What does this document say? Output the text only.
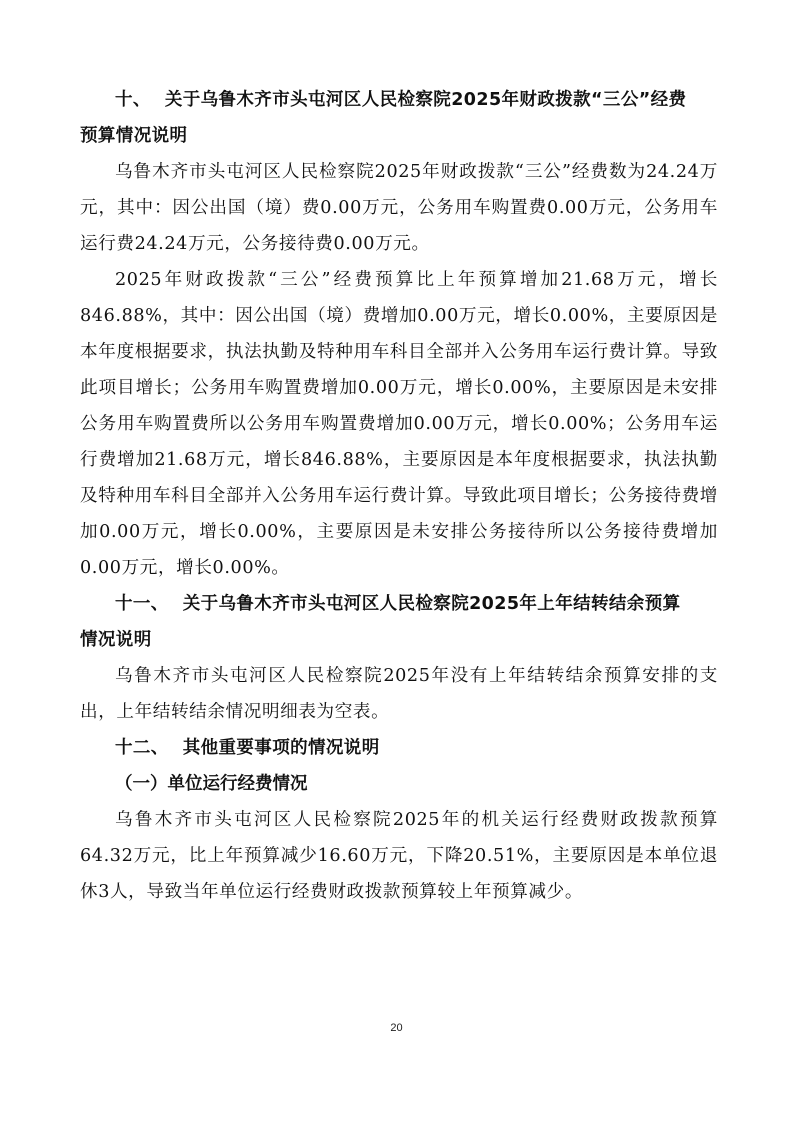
十、 关于乌鲁木齐市头屯河区人民检察院2025年财政拨款“三公”经费
预算情况说明

乌鲁木齐市头屯河区人民检察院2025年财政拨款“三公”经费数为24.24万元，其中：因公出国（境）费0.00万元，公务用车购置费0.00万元，公务用车运行费24.24万元，公务接待费0.00万元。

2025年财政拨款“三公”经费预算比上年预算增加21.68万元，增长846.88%，其中：因公出国（境）费增加0.00万元，增长0.00%，主要原因是本年度根据要求，执法执勤及特种用车科目全部并入公务用车运行费计算。导致此项目增长；公务用车购置费增加0.00万元，增长0.00%，主要原因是未安排公务用车购置费所以公务用车购置费增加0.00万元，增长0.00%；公务用车运行费增加21.68万元，增长846.88%，主要原因是本年度根据要求，执法执勤及特种用车科目全部并入公务用车运行费计算。导致此项目增长；公务接待费增加0.00万元，增长0.00%，主要原因是未安排公务接待所以公务接待费增加0.00万元，增长0.00%。

十一、 关于乌鲁木齐市头屯河区人民检察院2025年上年结转结余预算
情况说明

乌鲁木齐市头屯河区人民检察院2025年没有上年结转结余预算安排的支出，上年结转结余情况明细表为空表。

十二、 其他重要事项的情况说明
（一）单位运行经费情况

乌鲁木齐市头屯河区人民检察院2025年的机关运行经费财政拨款预算64.32万元，比上年预算减少16.60万元，下降20.51%，主要原因是本单位退休3人，导致当年单位运行经费财政拨款预算较上年预算减少。

20
